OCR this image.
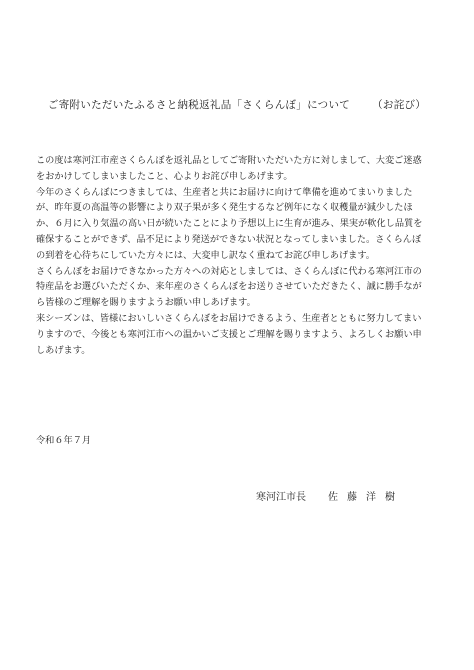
ご寄附いただいたふるさと納税返礼品「さくらんぼ」について （お詫び）

この度は寒河江市産さくらんぼを返礼品としてご寄附いただいた方に対しまして、大変ご迷惑
をおかけしてしまいましたこと、心よりお詫び申しあげます。

今年のさくらんぼにつきましては、生産者と共にお届けに向けて準備を進めてまいりました
が、昨年夏の高温等の影響により双子果が多く発生するなど例年になく収穫量が減少したほ
か、６月に入り気温の高い日が続いたことにより予想以上に生育が進み、果実が軟化し品質を
確保することができず、品不足により発送ができない状況となってしまいました。さくらんぼ
の到着を心待ちにしていた方々には、大変申し訳なく重ねてお詫び申しあげます。

さくらんぼをお届けできなかった方々への対応としましては、さくらんぼに代わる寒河江市の
特産品をお選びいただくか、来年産のさくらんぼをお送りさせていただきたく、誠に勝手なが
ら皆様のご理解を賜りますようお願い申しあげます。

来シーズンは、皆様においしいさくらんぼをお届けできるよう、生産者とともに努力してまい
りますので、今後とも寒河江市への温かいご支援とご理解を賜りますよう、よろしくお願い申
しあげます。

令和６年７月
寒河江市長 佐藤洋樹
